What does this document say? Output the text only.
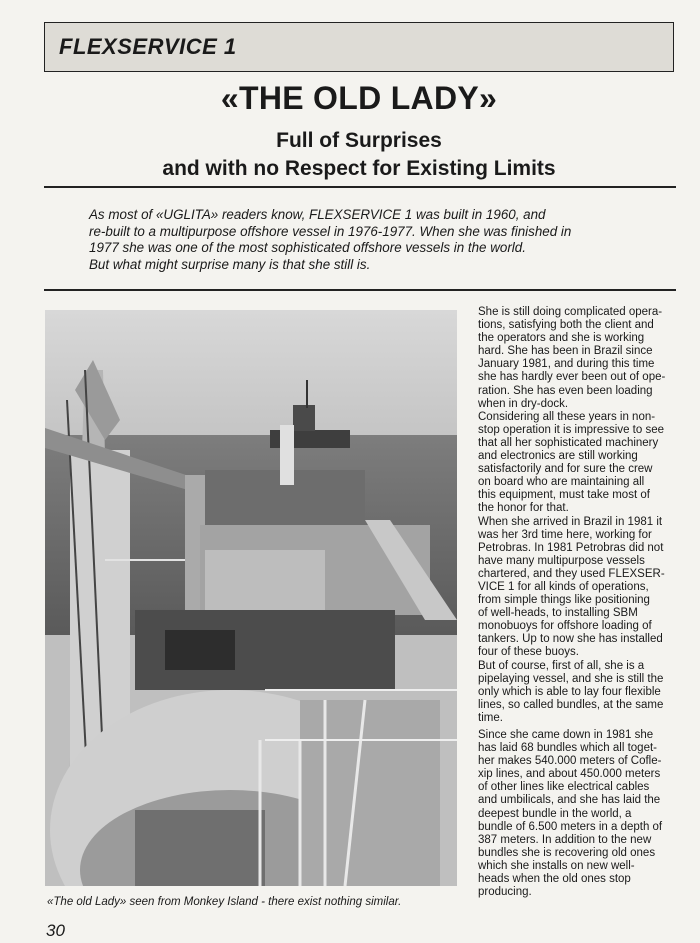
FLEXSERVICE 1
«THE OLD LADY»
Full of Surprises
and with no Respect for Existing Limits
As most of «UGLITA» readers know, FLEXSERVICE 1 was built in 1960, and
re-built to a multipurpose offshore vessel in 1976-1977. When she was finished in
1977 she was one of the most sophisticated offshore vessels in the world.
But what might surprise many is that she still is.
«The old Lady» seen from Monkey Island - there exist nothing similar.
30
She is still doing complicated opera-
tions, satisfying both the client and
the operators and she is working
hard. She has been in Brazil since
January 1981, and during this time
she has hardly ever been out of ope-
ration. She has even been loading
when in dry-dock.
Considering all these years in non-
stop operation it is impressive to see
that all her sophisticated machinery
and electronics are still working
satisfactorily and for sure the crew
on board who are maintaining all
this equipment, must take most of
the honor for that.
When she arrived in Brazil in 1981 it
was her 3rd time here, working for
Petrobras. In 1981 Petrobras did not
have many multipurpose vessels
chartered, and they used FLEXSER-
VICE 1 for all kinds of operations,
from simple things like positioning
of well-heads, to installing SBM
monobuoys for offshore loading of
tankers. Up to now she has installed
four of these buoys.
But of course, first of all, she is a
pipelaying vessel, and she is still the
only which is able to lay four flexible
lines, so called bundles, at the same
time.
Since she came down in 1981 she
has laid 68 bundles which all toget-
her makes 540.000 meters of Cofle-
xip lines, and about 450.000 meters
of other lines like electrical cables
and umbilicals, and she has laid the
deepest bundle in the world, a
bundle of 6.500 meters in a depth of
387 meters. In addition to the new
bundles she is recovering old ones
which she installs on new well-
heads when the old ones stop
producing.
